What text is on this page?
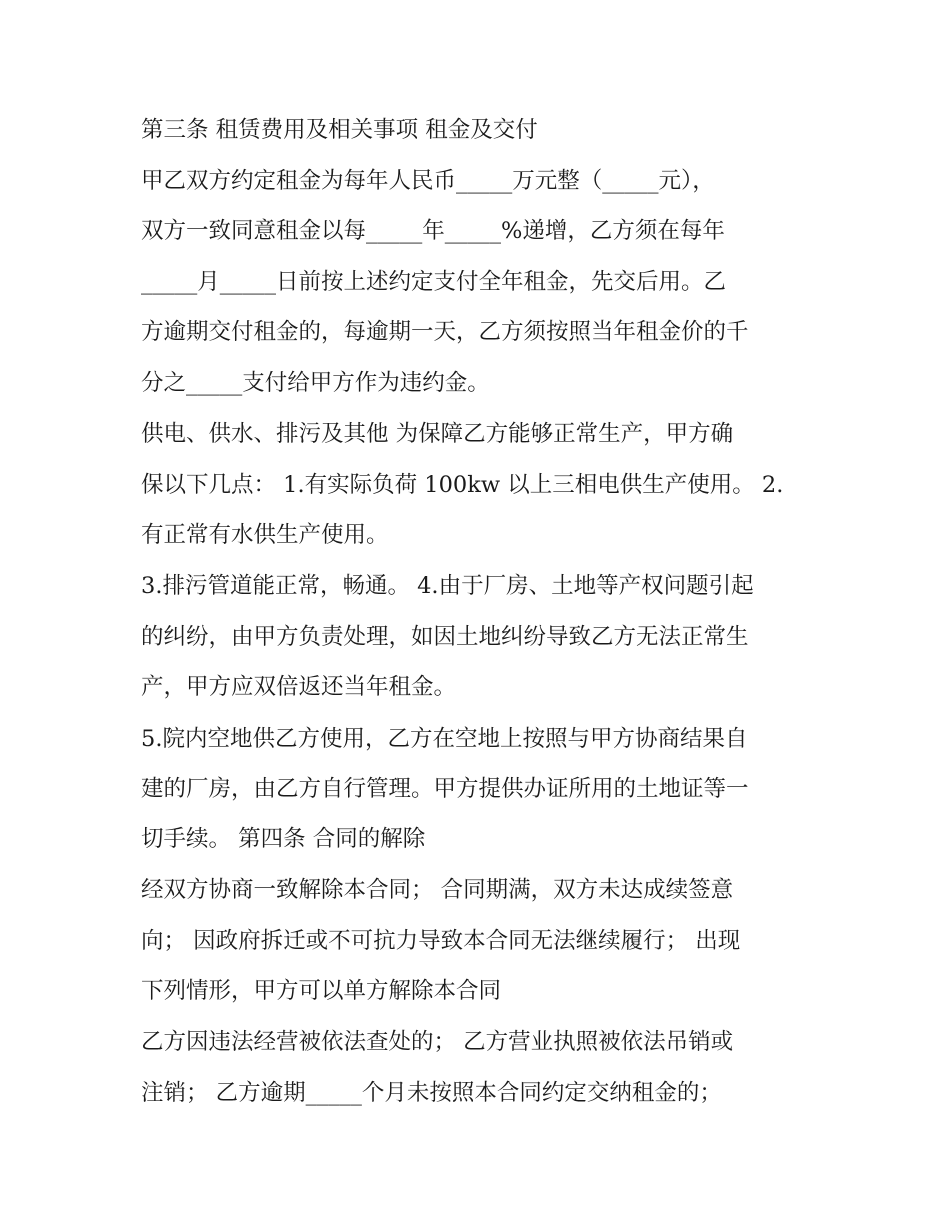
第三条 租赁费用及相关事项 租金及交付
甲乙双方约定租金为每年人民币_____万元整（_____元），
双方一致同意租金以每_____年_____%递增，乙方须在每年
_____月_____日前按上述约定支付全年租金，先交后用。乙
方逾期交付租金的，每逾期一天，乙方须按照当年租金价的千
分之_____支付给甲方作为违约金。
供电、供水、排污及其他 为保障乙方能够正常生产，甲方确
保以下几点： 1.有实际负荷 100kw 以上三相电供生产使用。 2.
有正常有水供生产使用。
3.排污管道能正常，畅通。 4.由于厂房、土地等产权问题引起
的纠纷，由甲方负责处理，如因土地纠纷导致乙方无法正常生
产，甲方应双倍返还当年租金。
5.院内空地供乙方使用，乙方在空地上按照与甲方协商结果自
建的厂房，由乙方自行管理。甲方提供办证所用的土地证等一
切手续。 第四条 合同的解除
经双方协商一致解除本合同； 合同期满，双方未达成续签意
向； 因政府拆迁或不可抗力导致本合同无法继续履行； 出现
下列情形，甲方可以单方解除本合同
乙方因违法经营被依法查处的； 乙方营业执照被依法吊销或
注销； 乙方逾期_____个月未按照本合同约定交纳租金的；
